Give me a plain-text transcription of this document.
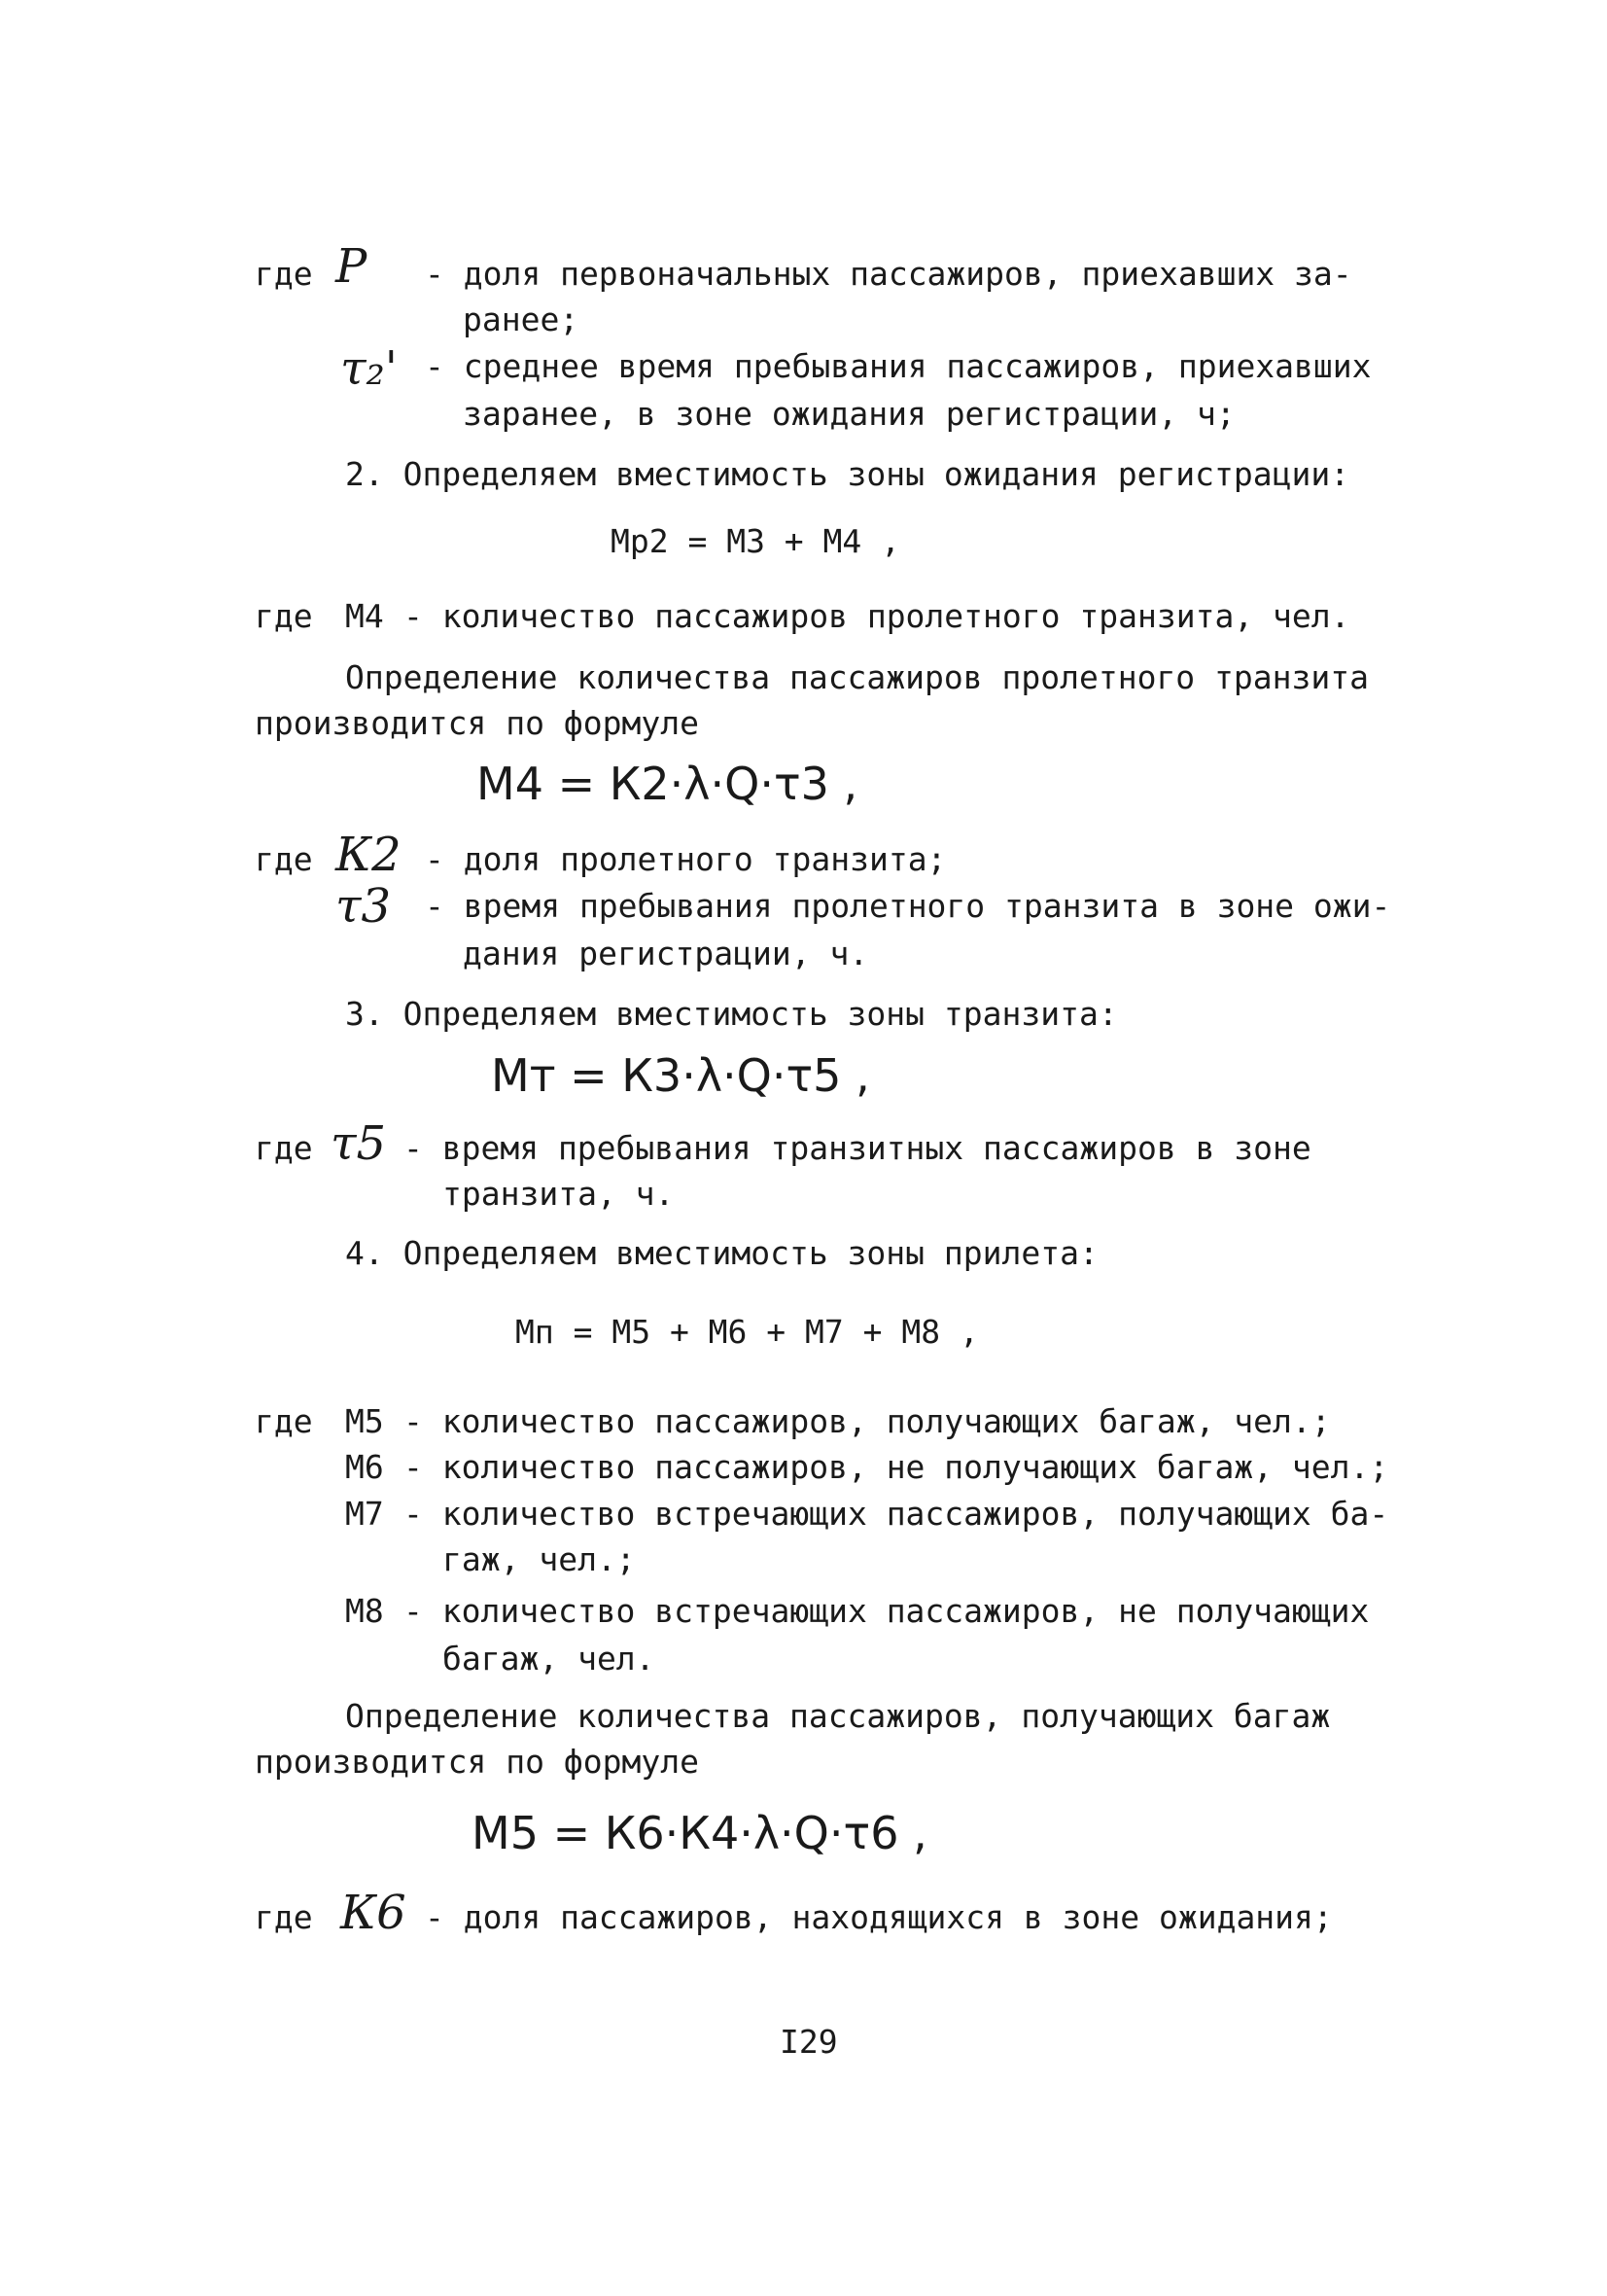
где P - доля первоначальных пассажиров, приехавших за-
ранее;
τ₂' - среднее время пребывания пассажиров, приехавших
заранее, в зоне ожидания регистрации, ч;
2. Определяем вместимость зоны ожидания регистрации:
Мр2 = М3 + М4 ,
где М4 - количество пассажиров пролетного транзита, чел.
Определение количества пассажиров пролетного транзита
производится по формуле
М4 = К2·λ·Q·τ3 ,
где К2 - доля пролетного транзита;
τ3 - время пребывания пролетного транзита в зоне ожи-
дания регистрации, ч.
3. Определяем вместимость зоны транзита:
Мт = К3·λ·Q·τ5 ,
где τ5 - время пребывания транзитных пассажиров в зоне
транзита, ч.
4. Определяем вместимость зоны прилета:
Мп = М5 + М6 + М7 + М8 ,
где М5 - количество пассажиров, получающих багаж, чел.;
М6 - количество пассажиров, не получающих багаж, чел.;
М7 - количество встречающих пассажиров, получающих ба-
гаж, чел.;
М8 - количество встречающих пассажиров, не получающих
багаж, чел.
Определение количества пассажиров, получающих багаж
производится по формуле
М5 = К6·К4·λ·Q·τ6 ,
где К6 - доля пассажиров, находящихся в зоне ожидания;
I29
